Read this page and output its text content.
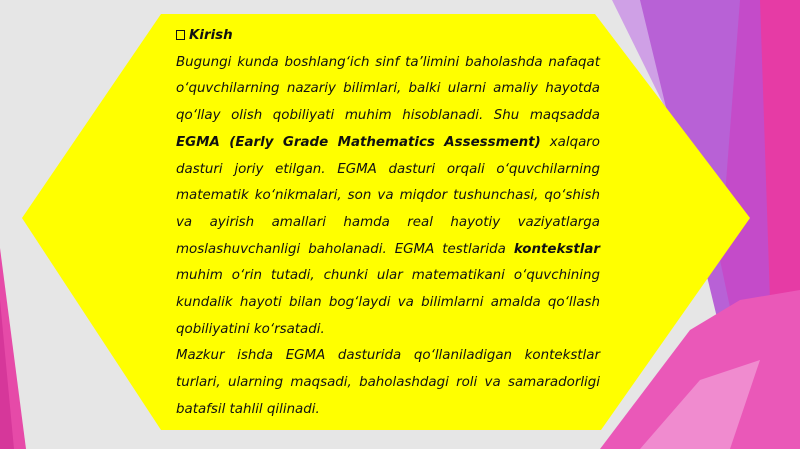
Kirish

Bugungi kunda boshlang‘ich sinf ta’limini baholashda nafaqat o‘quvchilarning nazariy bilimlari, balki ularni amaliy hayotda qo‘llay olish qobiliyati muhim hisoblanadi. Shu maqsadda EGMA (Early Grade Mathematics Assessment) xalqaro dasturi joriy etilgan. EGMA dasturi orqali o‘quvchilarning matematik ko‘nikmalari, son va miqdor tushunchasi, qo‘shish va ayirish amallari hamda real hayotiy vaziyatlarga moslashuvchanligi baholanadi. EGMA testlarida kontekstlar muhim o‘rin tutadi, chunki ular matematikani o‘quvchining kundalik hayoti bilan bog‘laydi va bilimlarni amalda qo‘llash qobiliyatini ko‘rsatadi.

Mazkur ishda EGMA dasturida qo‘llaniladigan kontekstlar turlari, ularning maqsadi, baholashdagi roli va samaradorligi batafsil tahlil qilinadi.
